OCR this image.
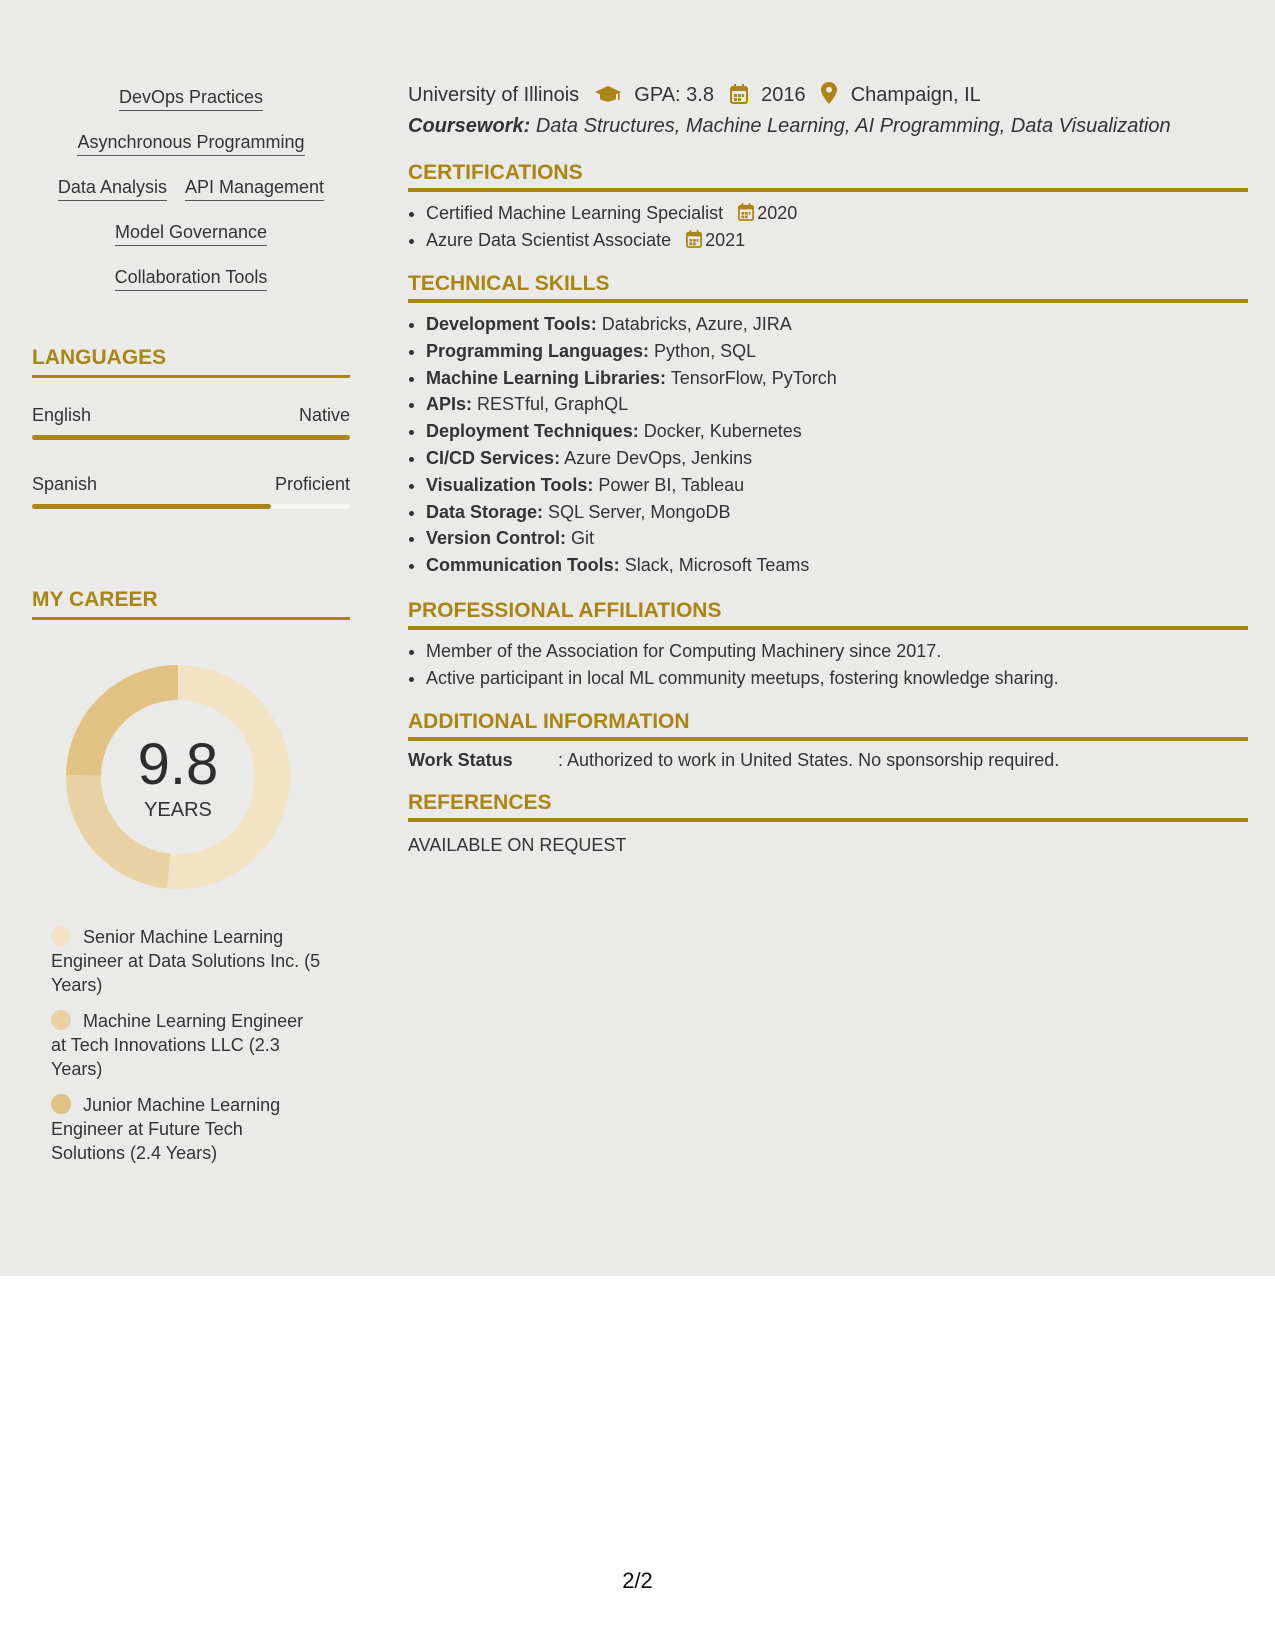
DevOps Practices
Asynchronous Programming
Data Analysis API Management
Model Governance
Collaboration Tools
LANGUAGES
English	Native
Spanish	Proficient
MY CAREER
9.8
YEARS
Senior Machine Learning Engineer at Data Solutions Inc. (5 Years)
Machine Learning Engineer at Tech Innovations LLC (2.3 Years)
Junior Machine Learning Engineer at Future Tech Solutions (2.4 Years)
University of Illinois	GPA: 3.8 2016 Champaign, IL
Coursework: Data Structures, Machine Learning, AI Programming, Data Visualization
CERTIFICATIONS
• Certified Machine Learning Specialist 2020
• Azure Data Scientist Associate 2021
TECHNICAL SKILLS
• Development Tools: Databricks, Azure, JIRA
• Programming Languages: Python, SQL
• Machine Learning Libraries: TensorFlow, PyTorch
• APIs: RESTful, GraphQL
• Deployment Techniques: Docker, Kubernetes
• CI/CD Services: Azure DevOps, Jenkins
• Visualization Tools: Power BI, Tableau
• Data Storage: SQL Server, MongoDB
• Version Control: Git
• Communication Tools: Slack, Microsoft Teams
PROFESSIONAL AFFILIATIONS
• Member of the Association for Computing Machinery since 2017.
• Active participant in local ML community meetups, fostering knowledge sharing.
ADDITIONAL INFORMATION
Work Status	: Authorized to work in United States. No sponsorship required.
REFERENCES
AVAILABLE ON REQUEST
2/2
